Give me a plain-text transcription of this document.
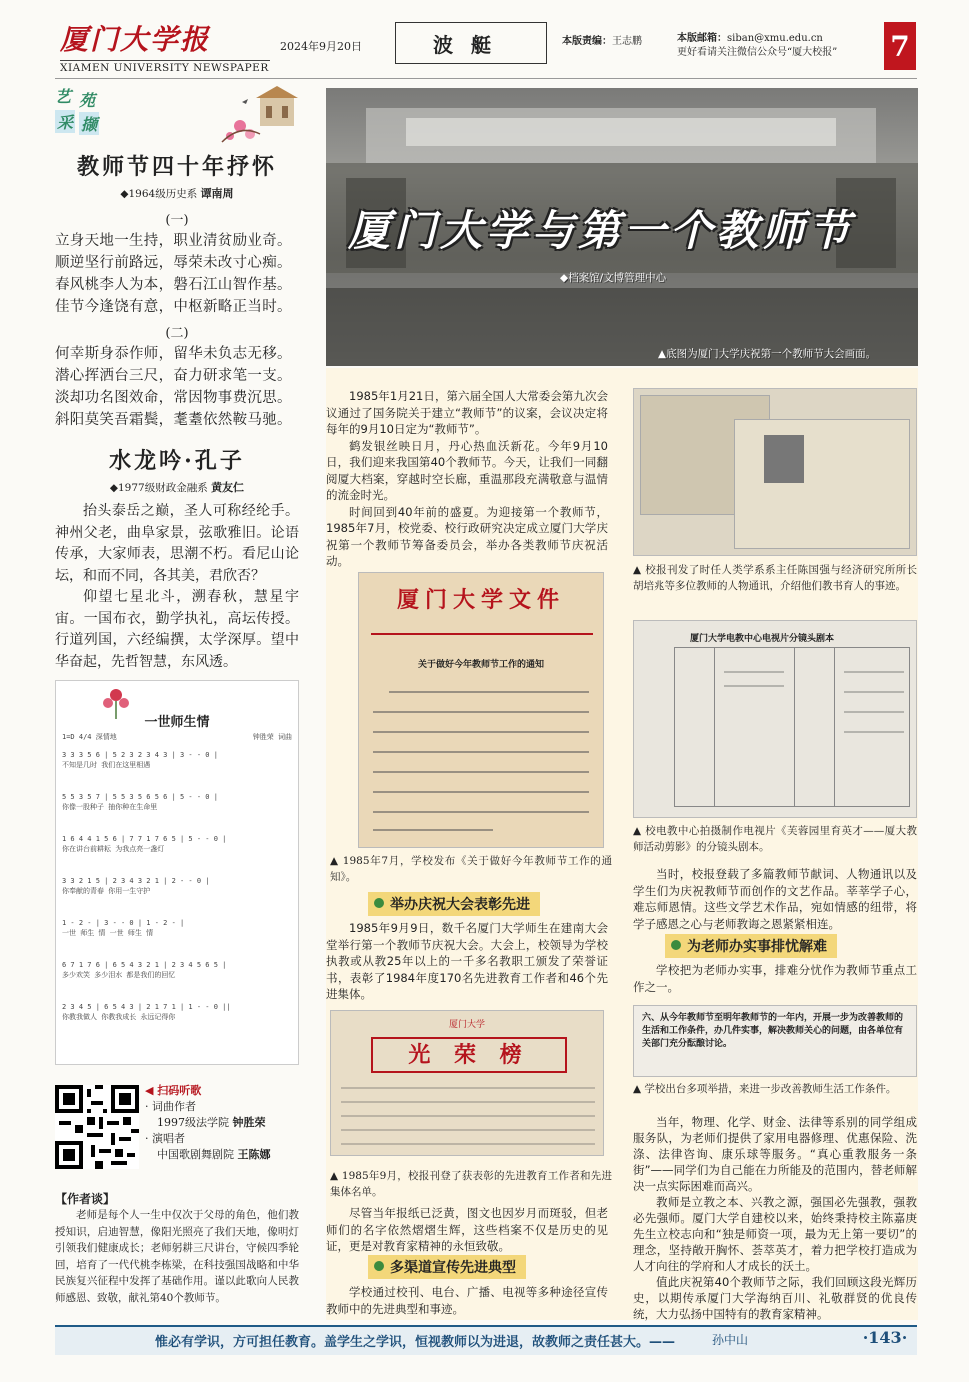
厦门大学报
XIAMEN UNIVERSITY NEWSPAPER
2024年9月20日	波艇	本版责编：王志鹏	本版邮箱：siban@xmu.edu.cn
更好看请关注微信公众号“厦大校报” 7
艺 苑
采 撷
教师节四十年抒怀
◆1964级历史系 谭南周
(一)
立身天地一生持，职业清贫励业奇。
顺逆坚行前路远，辱荣未改寸心痴。
春风桃李人为本，磐石江山智作基。
佳节今逢饶有意，中枢新略正当时。
(二)
何幸斯身忝作师，留华未负志无移。
潜心挥洒台三尺，奋力研求笔一支。
淡却功名图效命，常因物事费沉思。
斜阳莫笑吾霜鬓，耄耋依然鞍马驰。
水龙吟·孔子
◆1977级财政金融系 黄友仁

抬头泰岳之巅，圣人可称经纶手。神州父老，曲阜家景，弦歌雅旧。论语传承，大家师表，思潮不朽。看尼山论坛，和而不同，各其美，君欣否？

仰望七星北斗，溯春秋，慧星宇宙。一国布衣，勤学执礼，高坛传授。行道列国，六经编撰，太学深厚。望中华奋起，先哲智慧，东风透。

一世师生情
1=D 4/4 深情地	钟胜荣 词曲
3 3 3 5 6 | 5 2 3 2 3 4 3 | 3 - - 0 |
不知是几时 我们在这里相遇
5 5 3 5 7 | 5 5 3 5 6 5 6 | 5 - - 0 |
你像一股种子 抽你种在生命里
1 6 4 4 1 5 6 | 7 7 1 7 6 5 | 5 - - 0 |
你在讲台前耕耘 为我点亮一盏灯
3 3 2 1 5 | 2 3 4 3 2 1 | 2 - - 0 |
你奉献的青春 你用一生守护
1 - 2 - | 3 - - 0 | 1 - 2 - |
一世 师生 情 一世 师生 情
6 7 1 7 6 | 6 5 4 3 2 1 | 2 3 4 5 6 5 |
多少欢笑 多少泪水 都是我们的回忆
2 3 4 5 | 6 5 4 3 | 2 1 7 1 | 1 - - 0 ||
你教我做人 你教我成长 永远记得你
◀ 扫码听歌
· 词曲作者
1997级法学院 钟胜荣
· 演唱者
中国歌剧舞剧院 王陈娜
【作者谈】

老师是每个人一生中仅次于父母的角色，他们教授知识，启迪智慧，像阳光照亮了我们天地，像明灯引领我们健康成长；老师躬耕三尺讲台，守候四季轮回，培育了一代代桃李栋梁，在科技强国战略和中华民族复兴征程中发挥了基础作用。谨以此歌向人民教师感恩、致敬，献礼第40个教师节。

厦门大学与第一个教师节
◆档案馆/文博管理中心
▲底图为厦门大学庆祝第一个教师节大会画面。

1985年1月21日，第六届全国人大常委会第九次会议通过了国务院关于建立“教师节”的议案，会议决定将每年的9月10日定为“教师节”。

鹤发银丝映日月，丹心热血沃新花。今年9月10日，我们迎来我国第40个教师节。今天，让我们一同翻阅厦大档案，穿越时空长廊，重温那段充满敬意与温情的流金时光。

时间回到40年前的盛夏。为迎接第一个教师节，1985年7月，校党委、校行政研究决定成立厦门大学庆祝第一个教师节筹备委员会，举办各类教师节庆祝活动。

厦门大学文件
关于做好今年教师节工作的通知
▲ 1985年7月，学校发布《关于做好今年教师节工作的通知》。
举办庆祝大会表彰先进

1985年9月9日，数千名厦门大学师生在建南大会堂举行第一个教师节庆祝大会。大会上，校领导为学校执教或从教25年以上的一千多名教职工颁发了荣誉证书，表彰了1984年度170名先进教育工作者和46个先进集体。

厦门大学
光 荣 榜
▲ 1985年9月，校报刊登了获表彰的先进教育工作者和先进集体名单。

尽管当年报纸已泛黄，图文也因岁月而斑驳，但老师们的名字依然熠熠生辉，这些档案不仅是历史的见证，更是对教育家精神的永恒致敬。

多渠道宣传先进典型

学校通过校刊、电台、广播、电视等多种途径宣传教师中的先进典型和事迹。

▲ 校报刊发了时任人类学系系主任陈国强与经济研究所所长胡培兆等多位教师的人物通讯，介绍他们教书育人的事迹。
厦门大学电教中心电视片分镜头剧本
▲ 校电教中心拍摄制作电视片《芙蓉园里育英才——厦大教师活动剪影》的分镜头剧本。

当时，校报登载了多篇教师节献词、人物通讯以及学生们为庆祝教师节而创作的文艺作品。莘莘学子心，难忘师恩情。这些文学艺术作品，宛如情感的纽带，将学子感恩之心与老师教诲之恩紧紧相连。

为老师办实事排忧解难

学校把为老师办实事，排难分忧作为教师节重点工作之一。

六、从今年教师节至明年教师节的一年内，开展一步为改善教师的生活和工作条件，办几件实事，解决教师关心的问题，由各单位有关部门充分酝酿讨论。

▲ 学校出台多项举措，来进一步改善教师生活工作条件。

当年，物理、化学、财金、法律等系别的同学组成服务队，为老师们提供了家用电器修理、优惠保险、洗涤、法律咨询、康乐球等服务。“真心重教服务一条街”——同学们为自己能在力所能及的范围内，替老师解决一点实际困难而高兴。

教师是立教之本、兴教之源，强国必先强教，强教必先强师。厦门大学自建校以来，始终秉持校主陈嘉庚先生立校志向和“独是师资一项，最为无上第一要切”的理念，坚持敞开胸怀、荟萃英才，着力把学校打造成为人才向往的学府和人才成长的沃土。

值此庆祝第40个教师节之际，我们回顾这段光辉历史，以期传承厦门大学海纳百川、礼敬群贤的优良传统，大力弘扬中国特有的教育家精神。

惟必有学识，方可担任教育。盖学生之学识，恒视教师以为进退，故教师之责任甚大。——	孙中山	·143·
